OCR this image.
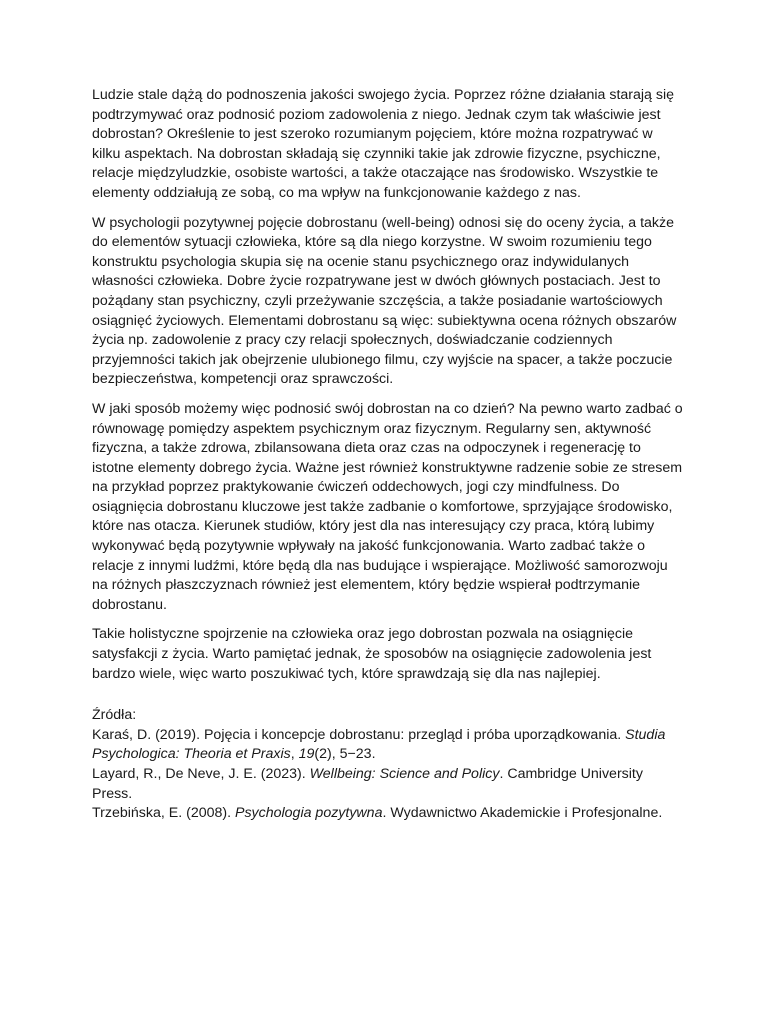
Ludzie stale dążą do podnoszenia jakości swojego życia. Poprzez różne działania starają się podtrzymywać oraz podnosić poziom zadowolenia z niego. Jednak czym tak właściwie jest dobrostan? Określenie to jest szeroko rozumianym pojęciem, które można rozpatrywać w kilku aspektach. Na dobrostan składają się czynniki takie jak zdrowie fizyczne, psychiczne, relacje międzyludzkie, osobiste wartości, a także otaczające nas środowisko. Wszystkie te elementy oddziałują ze sobą, co ma wpływ na funkcjonowanie każdego z nas.

W psychologii pozytywnej pojęcie dobrostanu (well-being) odnosi się do oceny życia, a także do elementów sytuacji człowieka, które są dla niego korzystne. W swoim rozumieniu tego konstruktu psychologia skupia się na ocenie stanu psychicznego oraz indywidulanych własności człowieka. Dobre życie rozpatrywane jest w dwóch głównych postaciach. Jest to pożądany stan psychiczny, czyli przeżywanie szczęścia, a także posiadanie wartościowych osiągnięć życiowych. Elementami dobrostanu są więc: subiektywna ocena różnych obszarów życia np. zadowolenie z pracy czy relacji społecznych, doświadczanie codziennych przyjemności takich jak obejrzenie ulubionego filmu, czy wyjście na spacer, a także poczucie bezpieczeństwa, kompetencji oraz sprawczości.

W jaki sposób możemy więc podnosić swój dobrostan na co dzień? Na pewno warto zadbać o równowagę pomiędzy aspektem psychicznym oraz fizycznym. Regularny sen, aktywność fizyczna, a także zdrowa, zbilansowana dieta oraz czas na odpoczynek i regenerację to istotne elementy dobrego życia. Ważne jest również konstruktywne radzenie sobie ze stresem na przykład poprzez praktykowanie ćwiczeń oddechowych, jogi czy mindfulness. Do osiągnięcia dobrostanu kluczowe jest także zadbanie o komfortowe, sprzyjające środowisko, które nas otacza. Kierunek studiów, który jest dla nas interesujący czy praca, którą lubimy wykonywać będą pozytywnie wpływały na jakość funkcjonowania. Warto zadbać także o relacje z innymi ludźmi, które będą dla nas budujące i wspierające. Możliwość samorozwoju na różnych płaszczyznach również jest elementem, który będzie wspierał podtrzymanie dobrostanu.

Takie holistyczne spojrzenie na człowieka oraz jego dobrostan pozwala na osiągnięcie satysfakcji z życia. Warto pamiętać jednak, że sposobów na osiągnięcie zadowolenia jest bardzo wiele, więc warto poszukiwać tych, które sprawdzają się dla nas najlepiej.

Źródła:

Karaś, D. (2019). Pojęcia i koncepcje dobrostanu: przegląd i próba uporządkowania. Studia Psychologica: Theoria et Praxis, 19(2), 5−23.

Layard, R., De Neve, J. E. (2023). Wellbeing: Science and Policy. Cambridge University Press.

Trzebińska, E. (2008). Psychologia pozytywna. Wydawnictwo Akademickie i Profesjonalne.
